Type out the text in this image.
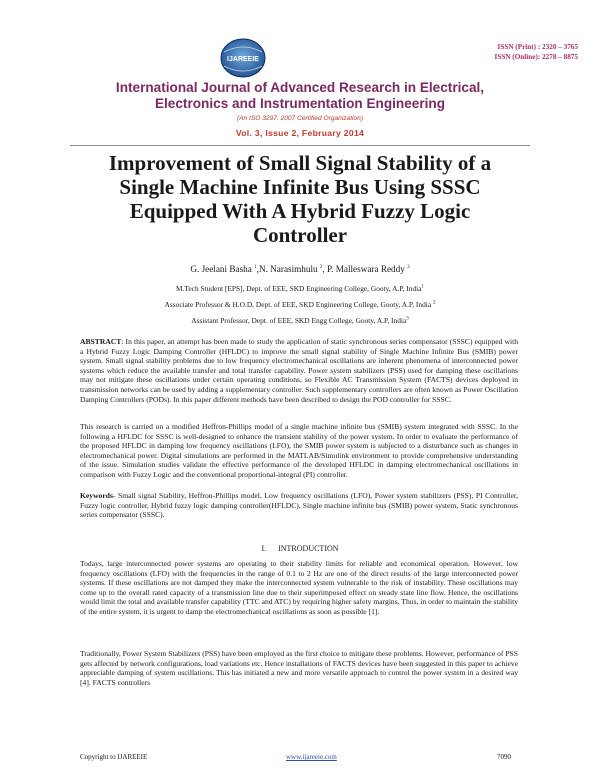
IJAREEIE
ISSN (Print) : 2320 – 3765
ISSN (Online): 2278 – 8875
International Journal of Advanced Research in Electrical,
Electronics and Instrumentation Engineering
(An ISO 3297: 2007 Certified Organization)
Vol. 3, Issue 2, February 2014
Improvement of Small Signal Stability of a
Single Machine Infinite Bus Using SSSC
Equipped With A Hybrid Fuzzy Logic
Controller
G. Jeelani Basha $^1$,N. Narasimhulu $^2$, P. Malleswara Reddy $^3$
M.Tech Student [EPS], Dept. of EEE, SKD Engineering College, Gooty, A.P, India$^1$
Associate Professor & H.O.D, Dept. of EEE, SKD Engineering College, Gooty, A.P, India $^2$
Assistant Professor, Dept. of EEE, SKD Engg College, Gooty, A.P, India$^3$
ABSTRACT: In this paper, an attempt has been made to study the application of static synchronous series compensator (SSSC) equipped with a Hybrid Fuzzy Logic Damping Controller (HFLDC) to improve the small signal stability of Single Machine Infinite Bus (SMIB) power system. Small signal stability problems due to low frequency electromechanical oscillations are inherent phenomena of interconnected power systems which reduce the available transfer and total transfer capability. Power system stabilizers (PSS) used for damping these oscillations may not mitigate these oscillations under certain operating conditions, so Flexible AC Transmission System (FACTS) devices deployed in transmission networks can be used by adding a supplementary controller. Such supplementary controllers are often known as Power Oscillation Damping Controllers (PODs). In this paper different methods have been described to design the POD controller for SSSC.
This research is carried on a modified Heffron-Phillips model of a single machine infinite bus (SMIB) system integrated with SSSC. In the following a HFLDC for SSSC is well-designed to enhance the transient stability of the power system. In order to evaluate the performance of the proposed HFLDC in damping low frequency oscillations (LFO), the SMIB power system is subjected to a disturbance such as changes in electromechanical power. Digital simulations are performed in the MATLAB/Simulink environment to provide comprehensive understanding of the issue. Simulation studies validate the effective performance of the developed HFLDC in damping electromechanical oscillations in comparison with Fuzzy Logic and the conventional proportional-integral (PI) controller.
Keywords- Small signal Stability, Heffron-Phillips model, Low frequency oscillations (LFO), Power system stabilizers (PSS), PI Controller, Fuzzy logic controller, Hybrid fuzzy logic damping controller(HFLDC), Single machine infinite bus (SMIB) power system, Static synchronous series compensator (SSSC).
I.      INTRODUCTION
Todays, large interconnected power systems are operating to their stability limits for reliable and economical operation. However, low frequency oscillations (LFO) with the frequencies in the range of 0.1 to 2 Hz are one of the direct results of the large interconnected power systems. If these oscillations are not damped they make the interconnected system vulnerable to the risk of instability. These oscillations may come up to the overall rated capacity of a transmission line due to their superimposed effect on steady state line flow. Hence, the oscillations would limit the total and available transfer capability (TTC and ATC) by requiring higher safety margins. Thus, in order to maintain the stability of the entire system, it is urgent to damp the electromechanical oscillations as soon as possible [1].
Traditionally, Power System Stabilizers (PSS) have been employed as the first choice to mitigate these problems. However, performance of PSS gets affected by network configurations, load variations etc. Hence installations of FACTS devices have been suggested in this paper to achieve appreciable damping of system oscillations. This has initiated a new and more versatile approach to control the power system in a desired way [4]. FACTS controllers
Copyright to IJAREEIE	www.ijareeie.com	7090
